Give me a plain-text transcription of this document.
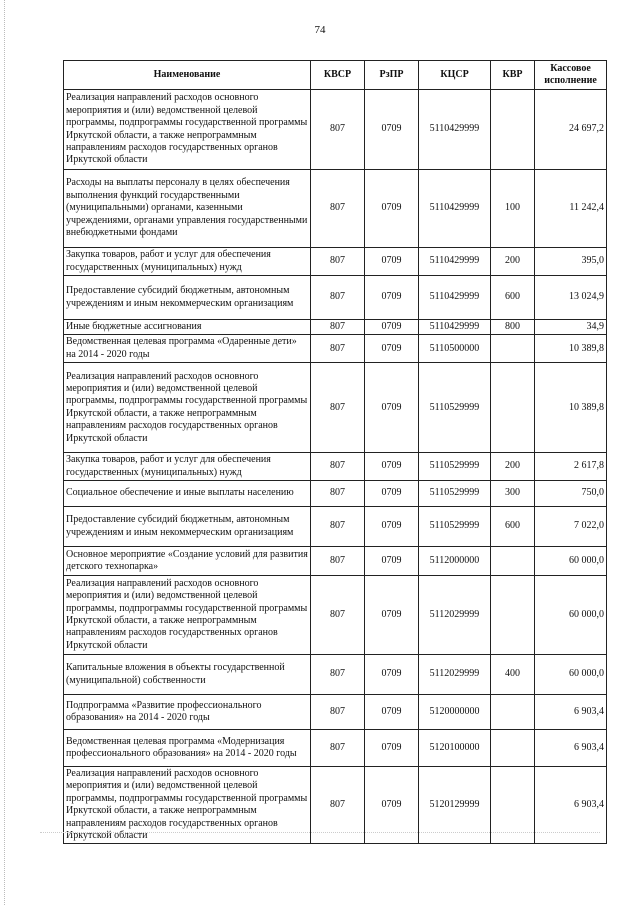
74
Наименование	КВСР	РзПР	КЦСР	КВР	Кассовое исполнение
Реализация направлений расходов основного мероприятия и (или) ведомственной целевой программы, подпрограммы государственной программы Иркутской области, а также непрограммным направлениям расходов государственных органов Иркутской области	807	0709	5110429999		24 697,2
Расходы на выплаты персоналу в целях обеспечения выполнения функций государственными (муниципальными) органами, казенными учреждениями, органами управления государственными внебюджетными фондами	807	0709	5110429999	100	11 242,4
Закупка товаров, работ и услуг для обеспечения государственных (муниципальных) нужд	807	0709	5110429999	200	395,0
Предоставление субсидий бюджетным, автономным учреждениям и иным некоммерческим организациям	807	0709	5110429999	600	13 024,9
Иные бюджетные ассигнования	807	0709	5110429999	800	34,9
Ведомственная целевая программа «Одаренные дети» на 2014 - 2020 годы	807	0709	5110500000		10 389,8
Реализация направлений расходов основного мероприятия и (или) ведомственной целевой программы, подпрограммы государственной программы Иркутской области, а также непрограммным направлениям расходов государственных органов Иркутской области	807	0709	5110529999		10 389,8
Закупка товаров, работ и услуг для обеспечения государственных (муниципальных) нужд	807	0709	5110529999	200	2 617,8
Социальное обеспечение и иные выплаты населению	807	0709	5110529999	300	750,0
Предоставление субсидий бюджетным, автономным учреждениям и иным некоммерческим организациям	807	0709	5110529999	600	7 022,0
Основное мероприятие «Создание условий для развития детского технопарка»	807	0709	5112000000		60 000,0
Реализация направлений расходов основного мероприятия и (или) ведомственной целевой программы, подпрограммы государственной программы Иркутской области, а также непрограммным направлениям расходов государственных органов Иркутской области	807	0709	5112029999		60 000,0
Капитальные вложения в объекты государственной (муниципальной) собственности	807	0709	5112029999	400	60 000,0
Подпрограмма «Развитие профессионального образования» на 2014 - 2020 годы	807	0709	5120000000		6 903,4
Ведомственная целевая программа «Модернизация профессионального образования» на 2014 - 2020 годы	807	0709	5120100000		6 903,4
Реализация направлений расходов основного мероприятия и (или) ведомственной целевой программы, подпрограммы государственной программы Иркутской области, а также непрограммным направлениям расходов государственных органов Иркутской области	807	0709	5120129999		6 903,4
